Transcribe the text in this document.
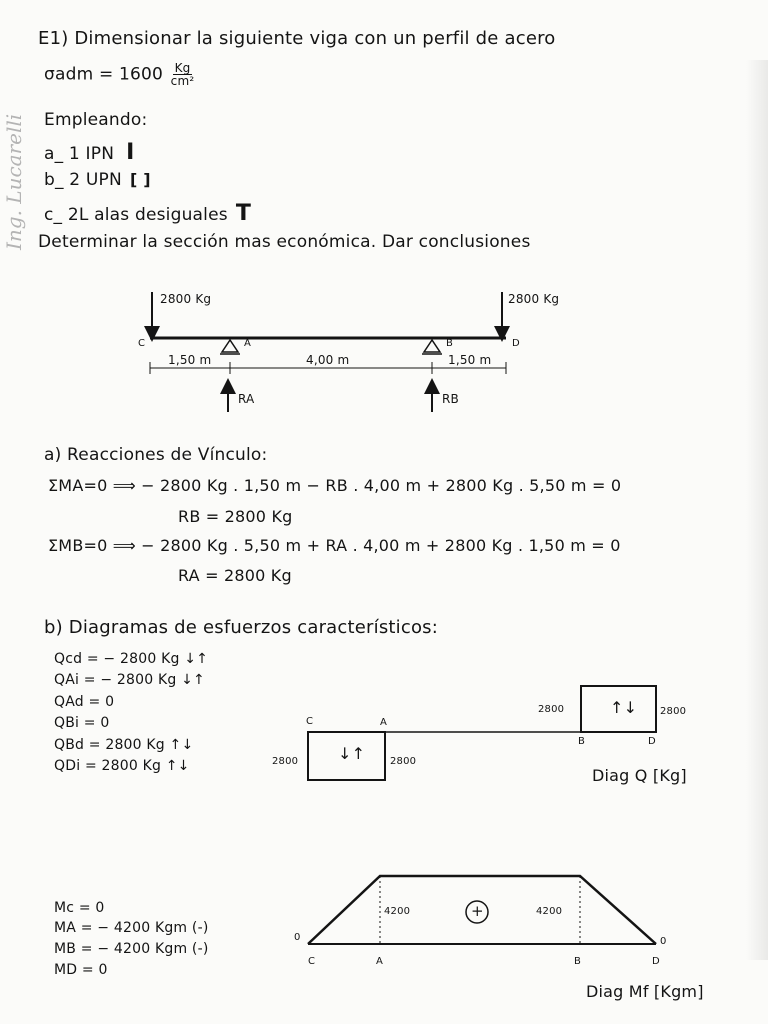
Ing. Lucarelli
E1) Dimensionar la siguiente viga con un perfil de acero
$\sigma adm = 1600 \frac{Kg}{\text{cm²}}$
Empleando:
a_ 1 IPN I
b_ 2 UPN [ ]
c_ 2L alas desiguales T
Determinar la sección mas económica. Dar conclusiones
2800 Kg	2800 Kg
C	A	B	D
1,50 m	4,00 m	1,50 m
RA	RB
a) Reacciones de Vínculo:
ΣMA=0 ⟹ − 2800 Kg . 1,50 m − RB . 4,00 m + 2800 Kg . 5,50 m = 0
RB = 2800 Kg
ΣMB=0 ⟹ − 2800 Kg . 5,50 m + RA . 4,00 m + 2800 Kg . 1,50 m = 0
RA = 2800 Kg
b) Diagramas de esfuerzos característicos:
Qcd = − 2800 Kg ↓↑
QAi = − 2800 Kg ↓↑
QAd = 0
QBi = 0
QBd = 2800 Kg ↑↓
QDi = 2800 Kg ↑↓
2800	2800
2800	2800
C	A
B	D
↓↑
↑↓
Diag Q [Kg]
Mc = 0
MA = − 4200 Kgm (-)
MB = − 4200 Kgm (-)
MD = 0
4200	4200
0	0
+
C	A	B	D
Diag Mf [Kgm]
